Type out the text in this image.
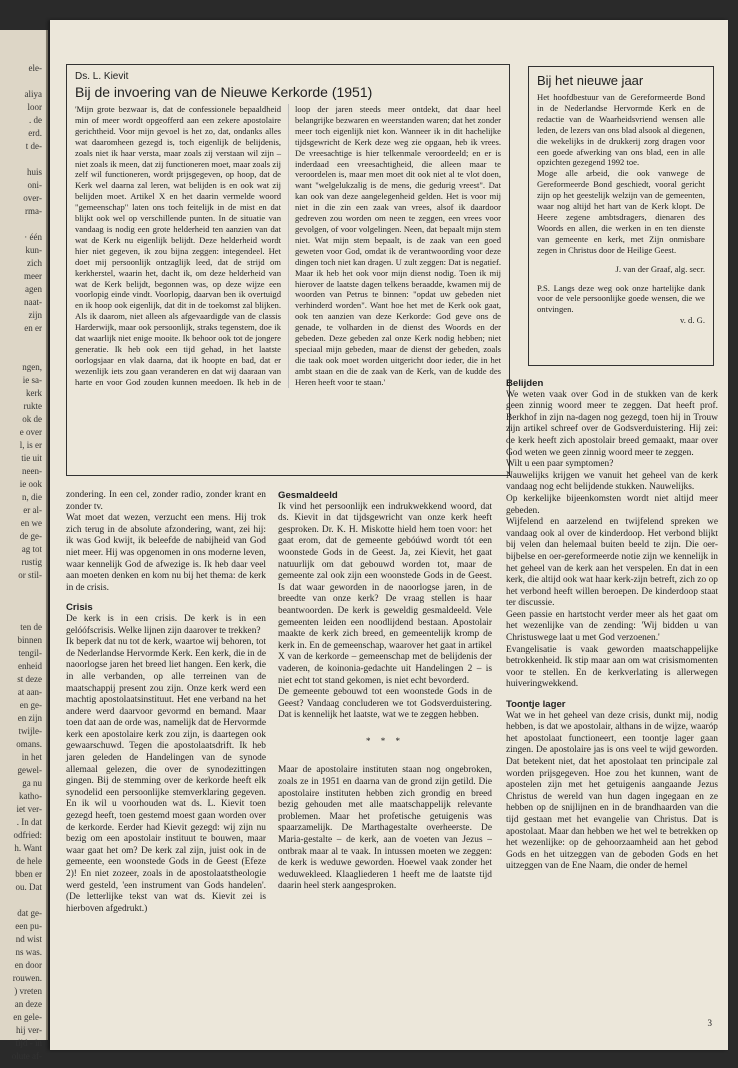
ele-
aliya
loor
. de
erd.
t de-
huis
oni-
over-
rma-
· één
kun-
zich
meer
agen
naat-
zijn
en er
ngen,
ie sa-
kerk
rukte
ok de
e over
l, is er
tie uit
neen-
ie ook
n, die
er al-
en we
de ge-
ag tot
rustig
or stil-
ten de
binnen
tengil-
enheid
st deze
at aan-
en ge-
en zijn
twijle-
omans.
in het
gewel-
ga nu
katho-
iet ver-
. In dat
odfried:
h. Want
de hele
bben er
ou. Dat
dat ge-
een pu-
nd wist
ns was.
en door
rouwen.
) vreten
an deze
en gele-
hij ver-
tijd - in
olute af-
Ds. L. Kievit
Bij de invoering van de Nieuwe Kerkorde (1951)

'Mijn grote bezwaar is, dat de confessionele bepaaldheid min of meer wordt opgeofferd aan een zekere apostolaire gerichtheid. Voor mijn gevoel is het zo, dat, ondanks alles wat daaromheen gezegd is, toch eigenlijk de belijdenis, zoals niet ik haar versta, maar zoals zij verstaan wil zijn – niet zoals ik meen, dat zij functioneren moet, maar zoals zij zelf wil functioneren, wordt prijsgegeven, op hoop, dat de Kerk wel daarna zal leren, wat belijden is en ook wat zij belijden moet. Artikel X en het daarin vermelde woord "gemeenschap" laten ons toch feitelijk in de mist en dat blijkt ook wel op verschillende punten. In de situatie van vandaag is nodig een grote helderheid ten aanzien van dat wat de Kerk nu eigenlijk belijdt. Deze helderheid wordt hier niet gegeven, ik zou bijna zeggen: integendeel. Het doet mij persoonlijk ontzaglijk leed, dat de strijd om kerkherstel, waarin het, dacht ik, om deze helderheid van wat de Kerk belijdt, begonnen was, op deze wijze een voorlopig einde vindt. Voorlopig, daarvan ben ik overtuigd en ik hoop ook eigenlijk, dat dit in de toekomst zal blijken. Als ik daarom, niet alleen als afgevaardigde van de classis Harderwijk, maar ook persoonlijk, straks tegenstem, doe ik dat waarlijk niet enige mooite. Ik behoor ook tot de jongere generatie. Ik heb ook een tijd gehad, in het laatste oorlogsjaar en vlak daarna, dat ik hoopte en bad, dat er wezenlijk iets zou gaan veranderen en dat wij daaraan van harte en voor God zouden kunnen meedoen. Ik heb in de loop der jaren steeds meer ontdekt, dat daar heel belangrijke bezwaren en weerstanden waren; dat het zonder meer toch eigenlijk niet kon. Wanneer ik in dit hachelijke tijdsgewricht de Kerk deze weg zie opgaan, heb ik vrees. De vreesachtige is hier telkenmale veroordeeld; en er is inderdaad een vreesachtigheid, die alleen maar te veroordelen is, maar men moet dit ook niet al te vlot doen, want "welgelukzalig is de mens, die gedurig vreest". Dat kan ook van deze aangelegenheid gelden. Het is voor mij niet in die zin een zaak van vrees, alsof ik daardoor gedreven zou worden om neen te zeggen, een vrees voor gevolgen, of voor volgelingen. Neen, dat bepaalt mijn stem niet. Wat mijn stem bepaalt, is de zaak van een goed geweten voor God, omdat ik de verantwoording voor deze dingen toch niet kan dragen. U zult zeggen: Dat is negatief. Maar ik heb het ook voor mijn dienst nodig. Toen ik mij hierover de laatste dagen telkens beraadde, kwamen mij de woorden van Petrus te binnen: "opdat uw gebeden niet verhinderd worden". Want hoe het met de Kerk ook gaat, ook ten aanzien van deze Kerkorde: God geve ons de genade, te volharden in de dienst des Woords en der gebeden. Deze gebeden zal onze Kerk nodig hebben; niet speciaal mijn gebeden, maar de dienst der gebeden, zoals die taak ook moet worden uitgericht door ieder, die in het ambt staan en die de zaak van de Kerk, van de kudde des Heren heeft voor te staan.'

Bij het nieuwe jaar

Het hoofdbestuur van de Gereformeerde Bond in de Nederlandse Hervormde Kerk en de redactie van de Waarheidsvriend wensen alle leden, de lezers van ons blad alsook al diegenen, die wekelijks in de drukkerij zorg dragen voor een goede afwerking van ons blad, een in alle opzichten gezegend 1992 toe.

Moge alle arbeid, die ook vanwege de Gereformeerde Bond geschiedt, vooral gericht zijn op het geestelijk welzijn van de gemeenten, waar nog altijd het hart van de Kerk klopt. De Heere zegene ambtsdragers, dienaren des Woords en allen, die werken in en ten dienste van gemeente en kerk, met Zijn onmisbare zegen in Christus door de Heilige Geest.

J. van der Graaf, alg. secr.

P.S. Langs deze weg ook onze hartelijke dank voor de vele persoonlijke goede wensen, die we ontvingen.

v. d. G.

zondering. In een cel, zonder radio, zonder krant en zonder tv.

Wat moet dat wezen, verzucht een mens. Hij trok zich terug in de absolute afzondering, want, zei hij: ik was God kwijt, ik beleefde de nabijheid van God niet meer. Hij was opgenomen in ons moderne leven, waar kennelijk God de afwezige is. Ik heb daar veel aan moeten denken en kom nu bij het thema: de kerk in de crisis.

Crisis

De kerk is in een crisis. De kerk is in een gelóófscrisis. Welke lijnen zijn daarover te trekken?

Ik beperk dat nu tot de kerk, waartoe wij behoren, tot de Nederlandse Hervormde Kerk. Een kerk, die in de naoorlogse jaren het breed liet hangen. Een kerk, die in alle verbanden, op alle terreinen van de maatschappij present zou zijn. Onze kerk werd een machtig apostolaatsinstituut. Het ene verband na het andere werd daarvoor gevormd en bemand. Maar toen dat aan de orde was, namelijk dat de Hervormde kerk een apostolaire kerk zou zijn, is daartegen ook gewaarschuwd. Tegen die apostolaatsdrift. Ik heb jaren geleden de Handelingen van de synode allemaal gelezen, die over de synodezittingen gingen. Bij de stemming over de kerkorde heeft elk synodelid een persoonlijke stemverklaring gegeven. En ik wil u voorhouden wat ds. L. Kievit toen gezegd heeft, toen gestemd moest gaan worden over de kerkorde. Eerder had Kievit gezegd: wij zijn nu bezig om een apostolair instituut te bouwen, maar waar gaat het om? De kerk zal zijn, juist ook in de gemeente, een woonstede Gods in de Geest (Efeze 2)! En niet zozeer, zoals in de apostolaatstheologie werd gesteld, 'een instrument van Gods handelen'. (De letterlijke tekst van wat ds. Kievit zei is hierboven afgedrukt.)

Gesmaldeeld

Ik vind het persoonlijk een indrukwekkend woord, dat ds. Kievit in dat tijdsgewricht van onze kerk heeft gesproken. Dr. K. H. Miskotte hield hem toen voor: het gaat erom, dat de gemeente gebóúwd wordt tót een woonstede Gods in de Geest. Ja, zei Kievit, het gaat natuurlijk om dat gebouwd worden tot, maar de gemeente zal ook zijn een woonstede Gods in de Geest. Is dat waar geworden in de naoorlogse jaren, in de breedte van onze kerk? De vraag stellen is haar beantwoorden. De kerk is geweldig gesmaldeeld. Vele gemeenten leiden een noodlijdend bestaan. Apostolair maakte de kerk zich breed, en gemeentelijk kromp de kerk in. En de gemeenschap, waarover het gaat in artikel X van de kerkorde – gemeenschap met de belijdenis der vaderen, de koinonia-gedachte uit Handelingen 2 – is niet echt tot stand gekomen, is niet echt bevorderd.

De gemeente gebouwd tot een woonstede Gods in de Geest? Vandaag concluderen we tot Godsverduistering. Dat is kennelijk het laatste, wat we te zeggen hebben.

* * *

Maar de apostolaire instituten staan nog ongebroken, zoals ze in 1951 en daarna van de grond zijn getild. Die apostolaire instituten hebben zich grondig en breed bezig gehouden met alle maatschappelijk relevante problemen. Maar het profetische getuigenis was spaarzamelijk. De Marthagestalte overheerste. De Maria-gestalte – de kerk, aan de voeten van Jezus – ontbrak maar al te vaak. In intussen moeten we zeggen: de kerk is weduwe geworden. Hoewel vaak zonder het weduwekleed. Klaagliederen 1 heeft me de laatste tijd daarin heel sterk aangesproken.

Belijden

We weten vaak over God in de stukken van de kerk geen zinnig woord meer te zeggen. Dat heeft prof. Berkhof in zijn na-dagen nog gezegd, toen hij in Trouw zijn artikel schreef over de Godsverduistering. Hij zei: de kerk heeft zich apostolair breed gemaakt, maar over God weten we geen zinnig woord meer te zeggen.

Wilt u een paar symptomen?

Nauwelijks krijgen we vanuit het geheel van de kerk vandaag nog echt belijdende stukken. Nauwelijks.

Op kerkelijke bijeenkomsten wordt niet altijd meer gebeden.

Wijfelend en aarzelend en twijfelend spreken we vandaag ook al over de kinderdoop. Het verbond blijkt bij velen dan helemaal buiten beeld te zijn. Die oer-bijbelse en oer-gereformeerde notie zijn we kennelijk in het geheel van de kerk aan het verspelen. En dat in een kerk, die altijd ook wat haar kerk-zijn betreft, zich zo op het verbond heeft willen beroepen. De kinderdoop staat ter discussie.

Geen passie en hartstocht verder meer als het gaat om het wezenlijke van de zending: 'Wij bidden u van Christuswege laat u met God verzoenen.'

Evangelisatie is vaak geworden maatschappelijke betrokkenheid. Ik stip maar aan om wat crisismomenten voor te stellen. En de kerkverlating is allerwegen huiveringwekkend.

Toontje lager

Wat we in het geheel van deze crisis, dunkt mij, nodig hebben, is dat we apostolair, althans in de wijze, waaróp het apostolaat functioneert, een toontje lager gaan zingen. De apostolaire jas is ons veel te wijd geworden. Dat betekent niet, dat het apostolaat ten principale zal worden prijsgegeven. Hoe zou het kunnen, want de apostelen zijn met het getuigenis aangaande Jezus Christus de wereld van hun dagen ingegaan en ze hebben op de snijlijnen en in de brandhaarden van die tijd gestaan met het evangelie van Christus. Dat is apostolaat. Maar dan hebben we het wel te betrekken op het wezenlijke: op de gehoorzaamheid aan het gebod Gods en het uitzeggen van de geboden Gods en het uitzeggen van de Ene Naam, die onder de hemel

3
